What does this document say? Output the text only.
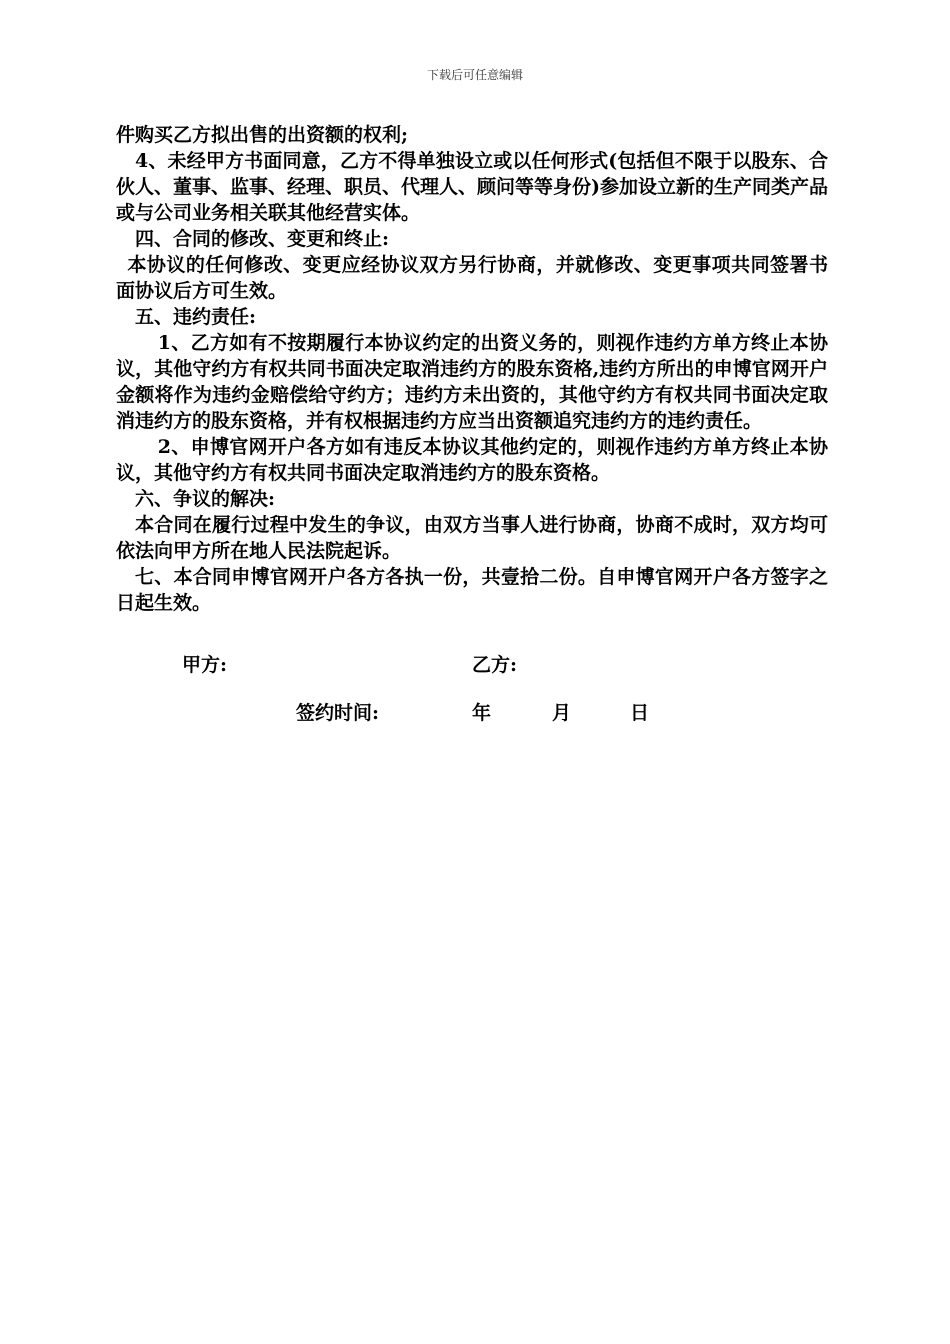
下载后可任意编辑

件购买乙方拟出售的出资额的权利;

4、未经甲方书面同意，乙方不得单独设立或以任何形式(包括但不限于以股东、合伙人、董事、监事、经理、职员、代理人、顾问等等身份)参加设立新的生产同类产品或与公司业务相关联其他经营实体。

四、合同的修改、变更和终止:

本协议的任何修改、变更应经协议双方另行协商，并就修改、变更事项共同签署书面协议后方可生效。

五、违约责任:

1、乙方如有不按期履行本协议约定的出资义务的，则视作违约方单方终止本协议，其他守约方有权共同书面决定取消违约方的股东资格,违约方所出的申博官网开户金额将作为违约金赔偿给守约方；违约方未出资的，其他守约方有权共同书面决定取消违约方的股东资格，并有权根据违约方应当出资额追究违约方的违约责任。

2、申博官网开户各方如有违反本协议其他约定的，则视作违约方单方终止本协议，其他守约方有权共同书面决定取消违约方的股东资格。

六、争议的解决:

本合同在履行过程中发生的争议，由双方当事人进行协商，协商不成时，双方均可依法向甲方所在地人民法院起诉。

七、本合同申博官网开户各方各执一份，共壹拾二份。自申博官网开户各方签字之日起生效。

甲方:	乙方:
签约时间:	年	月	日
